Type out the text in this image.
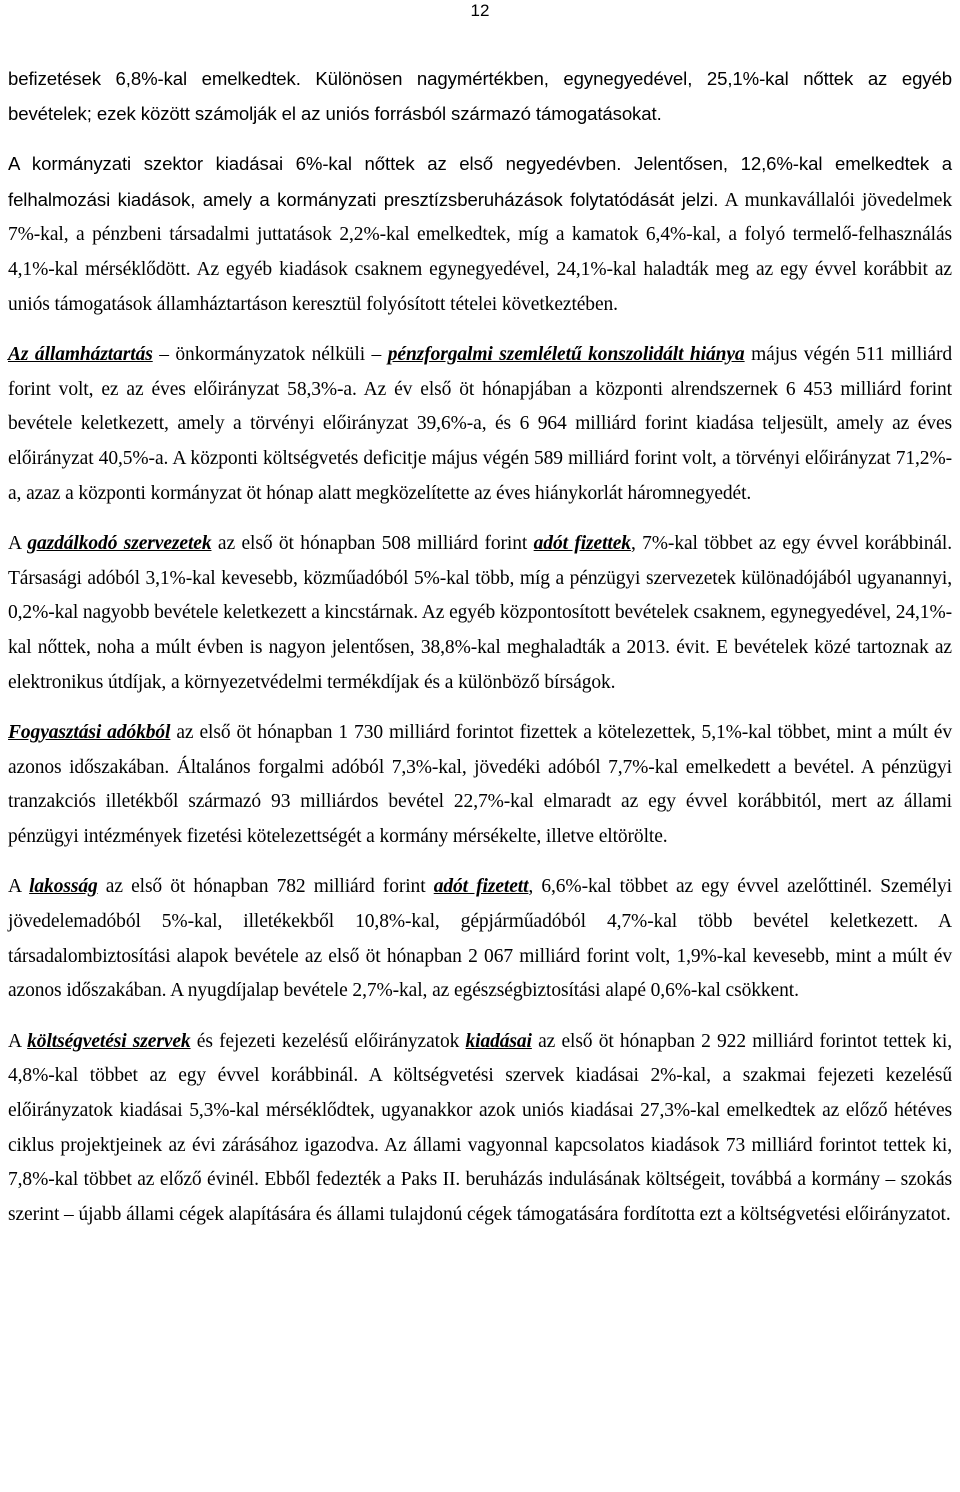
12

befizetések 6,8%-kal emelkedtek. Különösen nagymértékben, egynegyedével, 25,1%-kal nőttek az egyéb bevételek; ezek között számolják el az uniós forrásból származó támogatásokat.

A kormányzati szektor kiadásai 6%-kal nőttek az első negyedévben. Jelentősen, 12,6%-kal emelkedtek a felhalmozási kiadások, amely a kormányzati presztízsberuházások folytatódását jelzi. A munkavállalói jövedelmek 7%-kal, a pénzbeni társadalmi juttatások 2,2%-kal emelkedtek, míg a kamatok 6,4%-kal, a folyó termelő-felhasználás 4,1%-kal mérséklődött. Az egyéb kiadások csaknem egynegyedével, 24,1%-kal haladták meg az egy évvel korábbit az uniós támogatások államháztartáson keresztül folyósított tételei következtében.

Az államháztartás – önkormányzatok nélküli – pénzforgalmi szemléletű konszolidált hiánya május végén 511 milliárd forint volt, ez az éves előirányzat 58,3%-a. Az év első öt hónapjában a központi alrendszernek 6 453 milliárd forint bevétele keletkezett, amely a törvényi előirányzat 39,6%-a, és 6 964 milliárd forint kiadása teljesült, amely az éves előirányzat 40,5%-a. A központi költségvetés deficitje május végén 589 milliárd forint volt, a törvényi előirányzat 71,2%-a, azaz a központi kormányzat öt hónap alatt megközelítette az éves hiánykorlát háromnegyedét.

A gazdálkodó szervezetek az első öt hónapban 508 milliárd forint adót fizettek, 7%-kal többet az egy évvel korábbinál. Társasági adóból 3,1%-kal kevesebb, közműadóból 5%-kal több, míg a pénzügyi szervezetek különadójából ugyanannyi, 0,2%-kal nagyobb bevétele keletkezett a kincstárnak. Az egyéb központosított bevételek csaknem, egynegyedével, 24,1%-kal nőttek, noha a múlt évben is nagyon jelentősen, 38,8%-kal meghaladták a 2013. évit. E bevételek közé tartoznak az elektronikus útdíjak, a környezetvédelmi termékdíjak és a különböző bírságok.

Fogyasztási adókból az első öt hónapban 1 730 milliárd forintot fizettek a kötelezettek, 5,1%-kal többet, mint a múlt év azonos időszakában. Általános forgalmi adóból 7,3%-kal, jövedéki adóból 7,7%-kal emelkedett a bevétel. A pénzügyi tranzakciós illetékből származó 93 milliárdos bevétel 22,7%-kal elmaradt az egy évvel korábbitól, mert az állami pénzügyi intézmények fizetési kötelezettségét a kormány mérsékelte, illetve eltörölte.

A lakosság az első öt hónapban 782 milliárd forint adót fizetett, 6,6%-kal többet az egy évvel azelőttinél. Személyi jövedelemadóból 5%-kal, illetékekből 10,8%-kal, gépjárműadóból 4,7%-kal több bevétel keletkezett. A társadalombiztosítási alapok bevétele az első öt hónapban 2 067 milliárd forint volt, 1,9%-kal kevesebb, mint a múlt év azonos időszakában. A nyugdíjalap bevétele 2,7%-kal, az egészségbiztosítási alapé 0,6%-kal csökkent.

A költségvetési szervek és fejezeti kezelésű előirányzatok kiadásai az első öt hónapban 2 922 milliárd forintot tettek ki, 4,8%-kal többet az egy évvel korábbinál. A költségvetési szervek kiadásai 2%-kal, a szakmai fejezeti kezelésű előirányzatok kiadásai 5,3%-kal mérséklődtek, ugyanakkor azok uniós kiadásai 27,3%-kal emelkedtek az előző hétéves ciklus projektjeinek az évi zárásához igazodva. Az állami vagyonnal kapcsolatos kiadások 73 milliárd forintot tettek ki, 7,8%-kal többet az előző évinél. Ebből fedezték a Paks II. beruházás indulásának költségeit, továbbá a kormány – szokás szerint – újabb állami cégek alapítására és állami tulajdonú cégek támogatására fordította ezt a költségvetési előirányzatot.
